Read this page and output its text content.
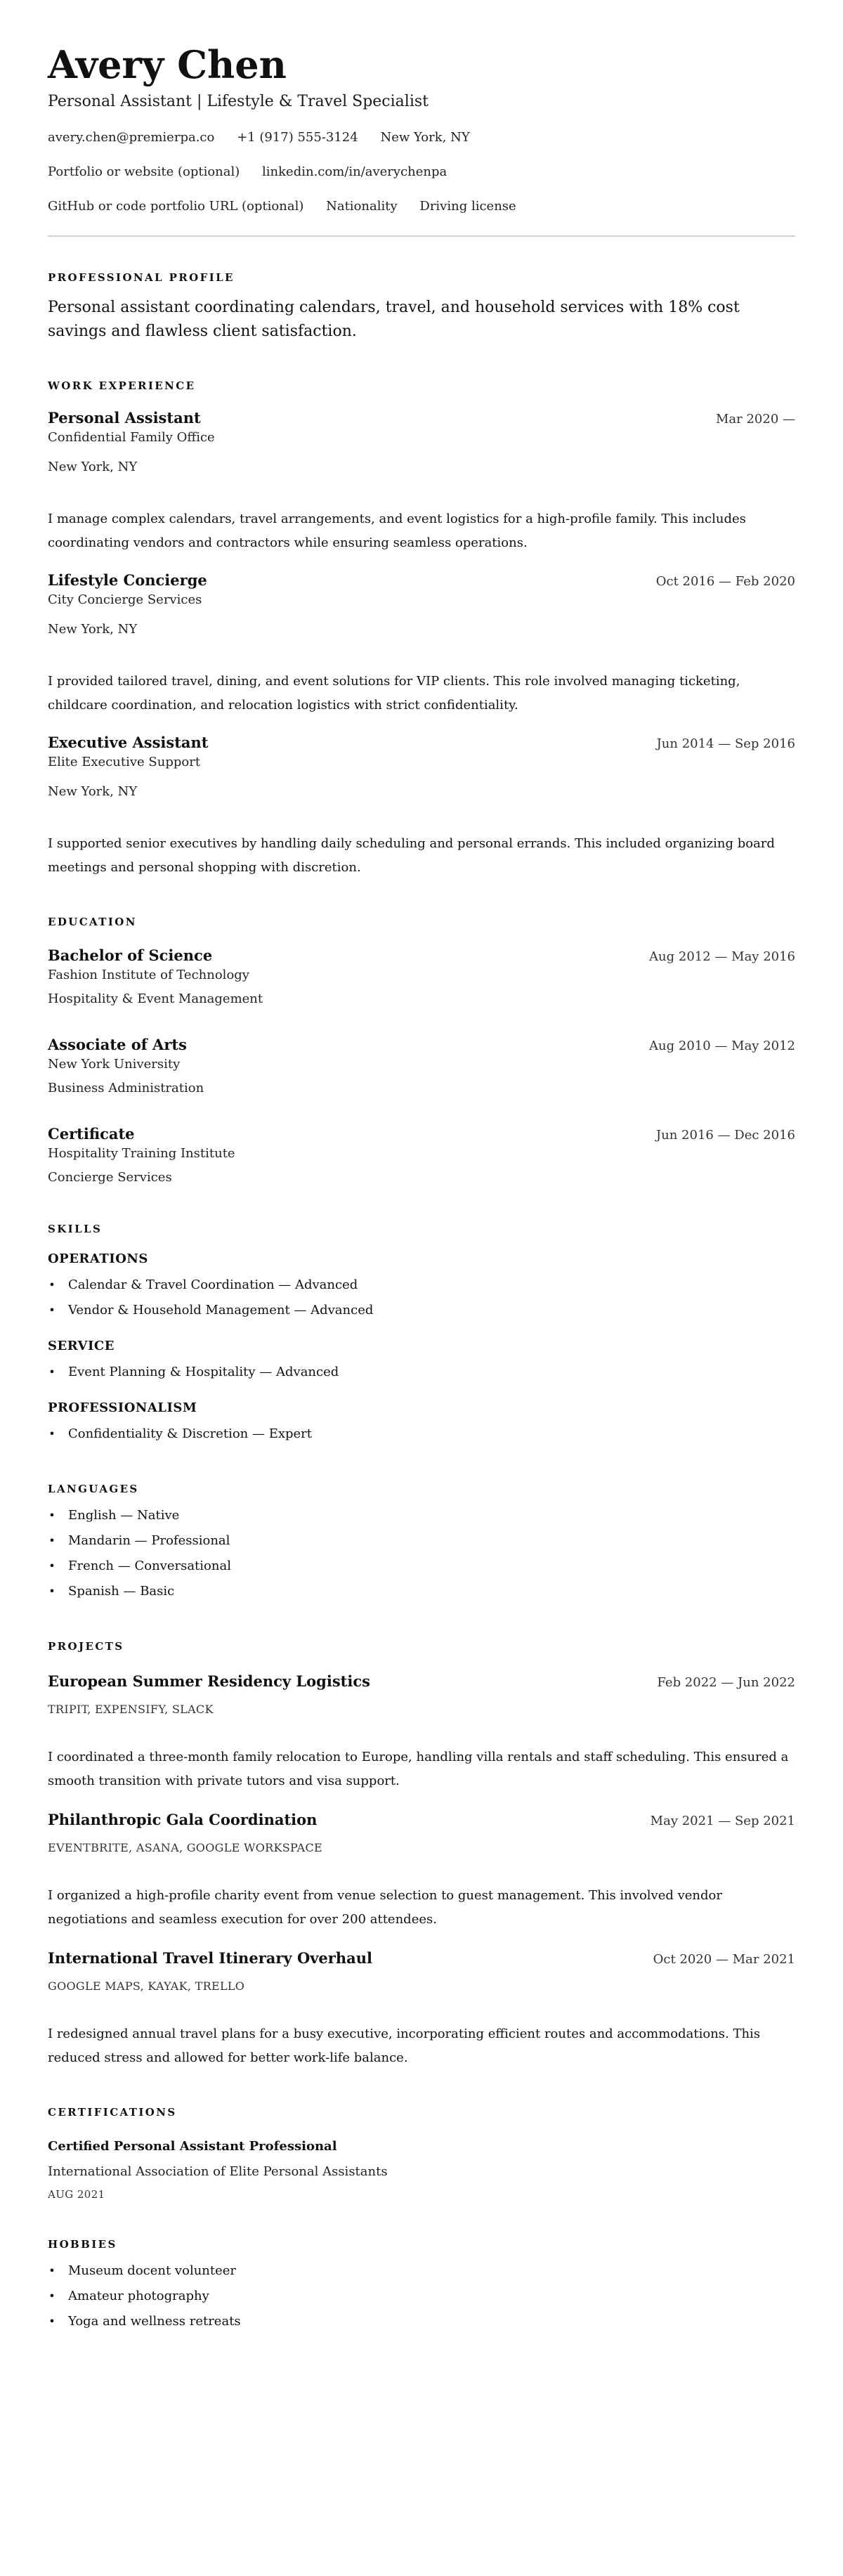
Avery Chen
Personal Assistant | Lifestyle & Travel Specialist
avery.chen@premierpa.co +1 (917) 555-3124 New York, NY
Portfolio or website (optional) linkedin.com/in/averychenpa
GitHub or code portfolio URL (optional) Nationality Driving license
PROFESSIONAL PROFILE

Personal assistant coordinating calendars, travel, and household services with 18% cost savings and flawless client satisfaction.

WORK EXPERIENCE
Personal Assistant	Mar 2020 —
Confidential Family Office
New York, NY

I manage complex calendars, travel arrangements, and event logistics for a high-profile family. This includes coordinating vendors and contractors while ensuring seamless operations.

Lifestyle Concierge	Oct 2016 — Feb 2020
City Concierge Services
New York, NY

I provided tailored travel, dining, and event solutions for VIP clients. This role involved managing ticketing, childcare coordination, and relocation logistics with strict confidentiality.

Executive Assistant	Jun 2014 — Sep 2016
Elite Executive Support
New York, NY

I supported senior executives by handling daily scheduling and personal errands. This included organizing board meetings and personal shopping with discretion.

EDUCATION
Bachelor of Science	Aug 2012 — May 2016
Fashion Institute of Technology
Hospitality & Event Management
Associate of Arts	Aug 2010 — May 2012
New York University
Business Administration
Certificate	Jun 2016 — Dec 2016
Hospitality Training Institute
Concierge Services
SKILLS
OPERATIONS
• Calendar & Travel Coordination — Advanced
• Vendor & Household Management — Advanced
SERVICE
• Event Planning & Hospitality — Advanced
PROFESSIONALISM
• Confidentiality & Discretion — Expert
LANGUAGES
• English — Native
• Mandarin — Professional
• French — Conversational
• Spanish — Basic
PROJECTS
European Summer Residency Logistics	Feb 2022 — Jun 2022
TRIPIT, EXPENSIFY, SLACK

I coordinated a three-month family relocation to Europe, handling villa rentals and staff scheduling. This ensured a smooth transition with private tutors and visa support.

Philanthropic Gala Coordination	May 2021 — Sep 2021
EVENTBRITE, ASANA, GOOGLE WORKSPACE

I organized a high-profile charity event from venue selection to guest management. This involved vendor negotiations and seamless execution for over 200 attendees.

International Travel Itinerary Overhaul	Oct 2020 — Mar 2021
GOOGLE MAPS, KAYAK, TRELLO

I redesigned annual travel plans for a busy executive, incorporating efficient routes and accommodations. This reduced stress and allowed for better work-life balance.

CERTIFICATIONS
Certified Personal Assistant Professional
International Association of Elite Personal Assistants
AUG 2021
HOBBIES
• Museum docent volunteer
• Amateur photography
• Yoga and wellness retreats
